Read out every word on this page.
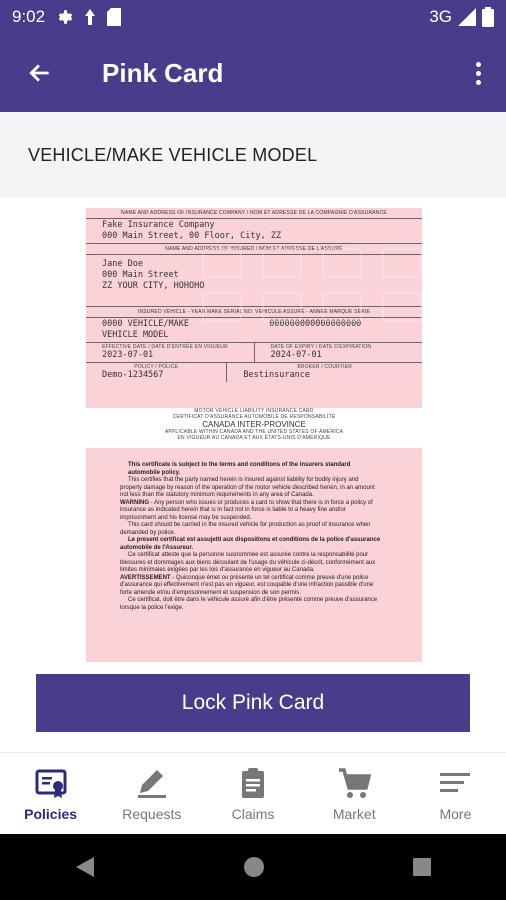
9:02	3G
Pink Card
VEHICLE/MAKE VEHICLE MODEL
NAME AND ADDRESS OF INSURANCE COMPANY / NOM ET ADRESSE DE LA COMPAGNIE D'ASSURANCE
Fake Insurance Company
000 Main Street, 00 Floor, City, ZZ
NAME AND ADDRESS OF INSURED / NOM ET ADRESSE DE L'ASSURÉ
Jane Doe
000 Main Street
ZZ YOUR CITY, HOHOHO
INSURED VEHICLE - YEAR MAKE SERIAL NO. VEHICULE ASSURÉ - ANNÉE MARQUE SÉRIE
0000 VEHICLE/MAKE	000000000000000000
VEHICLE MODEL
EFFECTIVE DATE / DATE D'ENTRÉE EN VIGUEUR
2023-07-01
DATE OF EXPIRY / DATE D'EXPIRATION
2024-07-01
POLICY / POLICE
Demo-1234567
BROKER / COURTIER
Bestinsurance
MOTOR VEHICLE LIABILITY INSURANCE CARD
CERTIFICAT D'ASSURANCE AUTOMOBILE DE RESPONSABILITÉ
CANADA INTER-PROVINCE
APPLICABLE WITHIN CANADA AND THE UNITED STATES OF AMERICA
EN VIGUEUR AU CANADA ET AUX ÉTATS-UNIS D'AMÉRIQUE
This certificate is subject to the terms and conditions of the insurers standard automobile policy.
This certifies that the party named herein is insured against liability for bodily injury and property damage by reason of the operation of the motor vehicle described herein, in an amount not less than the statutory minimum requirements in any area of Canada.
WARNING - Any person who issues or produces a card to show that there is in force a policy of insurance as indicated herein that is in fact not in force is liable to a heavy fine and/or imprisonment and his license may be suspended.
This card should be carried in the insured vehicle for production as proof of insurance when demanded by police.
Le present certificat est assujetti aux dispositions et conditions de la police d'assurance automobile de l'Assureur.
Ce certificat atteste que la personne susnommée est assurée contre la responsabilité pour blessures et dommages aux biens découlant de l'usage du véhicule ci-décrit, conformément aux limites minimales exigées par les lois d'assurance en vigueur au Canada.
AVERTISSEMENT - Quiconque émet ou présente un tel certificat comme preuve d'une police d'assurance qui effectivement n'est pas en vigueur, est coupable d'une infraction passible d'une forte amende et/ou d'emprisonnement et suspension de son permis.
Ce certificat, doit être dans le véhicule assuré afin d'être présenté comme preuve d'assurance lorsque la police l'exige.
Lock Pink Card
Policies	Requests	Claims	Market	More
